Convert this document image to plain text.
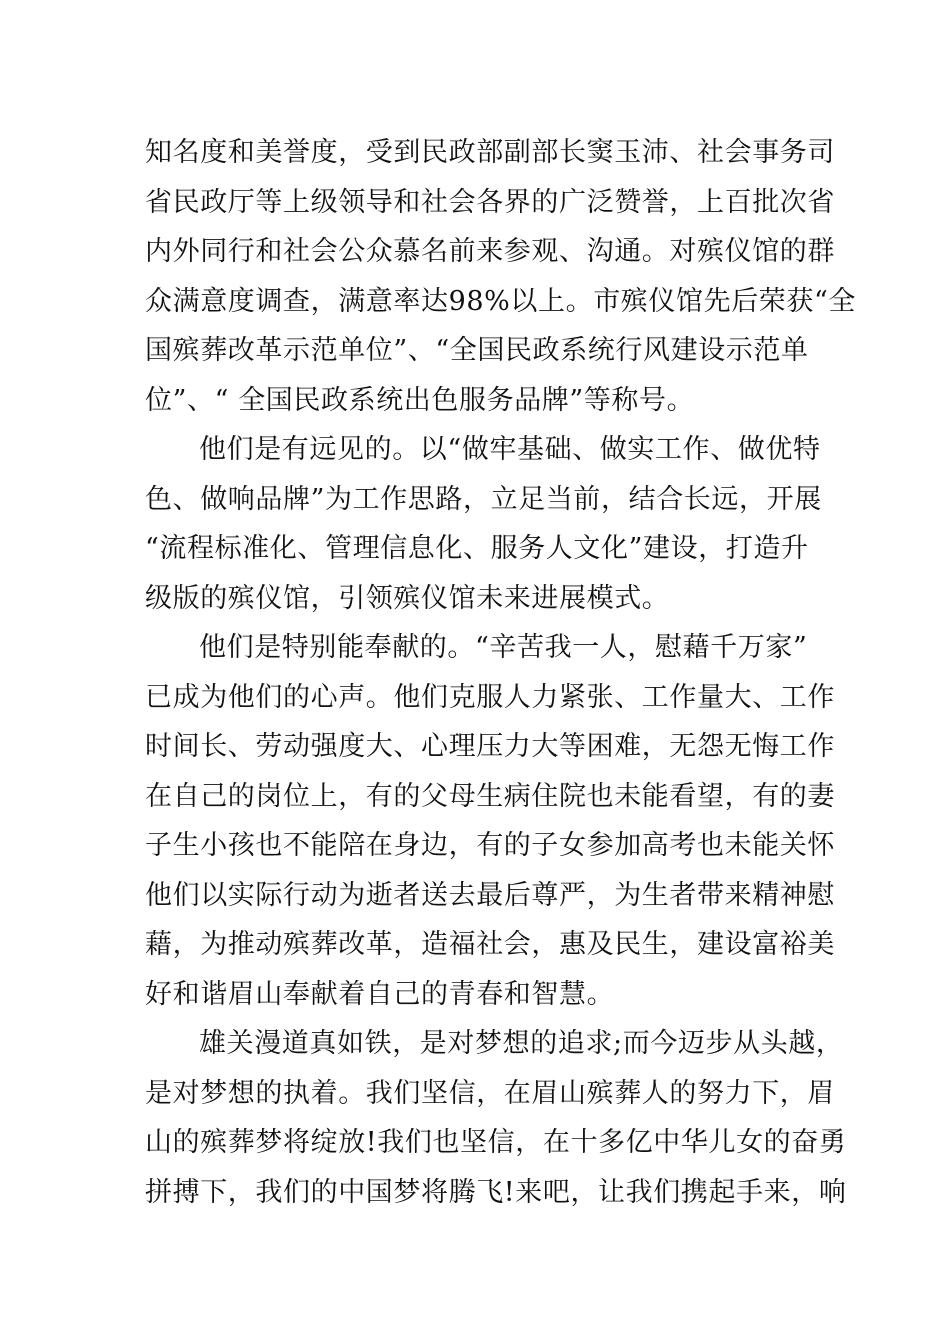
知名度和美誉度，受到民政部副部长窦玉沛、社会事务司
省民政厅等上级领导和社会各界的广泛赞誉，上百批次省
内外同行和社会公众慕名前来参观、沟通。对殡仪馆的群
众满意度调查，满意率达98%以上。市殡仪馆先后荣获“全
国殡葬改革示范单位”、“全国民政系统行风建设示范单
位”、“ 全国民政系统出色服务品牌”等称号。
他们是有远见的。以“做牢基础、做实工作、做优特
色、做响品牌”为工作思路，立足当前，结合长远，开展
“流程标准化、管理信息化、服务人文化”建设，打造升
级版的殡仪馆，引领殡仪馆未来进展模式。
他们是特别能奉献的。“辛苦我一人，慰藉千万家”
已成为他们的心声。他们克服人力紧张、工作量大、工作
时间长、劳动强度大、心理压力大等困难，无怨无悔工作
在自己的岗位上，有的父母生病住院也未能看望，有的妻
子生小孩也不能陪在身边，有的子女参加高考也未能关怀
他们以实际行动为逝者送去最后尊严，为生者带来精神慰
藉，为推动殡葬改革，造福社会，惠及民生，建设富裕美
好和谐眉山奉献着自己的青春和智慧。
雄关漫道真如铁，是对梦想的追求;而今迈步从头越，
是对梦想的执着。我们坚信，在眉山殡葬人的努力下，眉
山的殡葬梦将绽放!我们也坚信，在十多亿中华儿女的奋勇
拼搏下，我们的中国梦将腾飞!来吧，让我们携起手来，响
